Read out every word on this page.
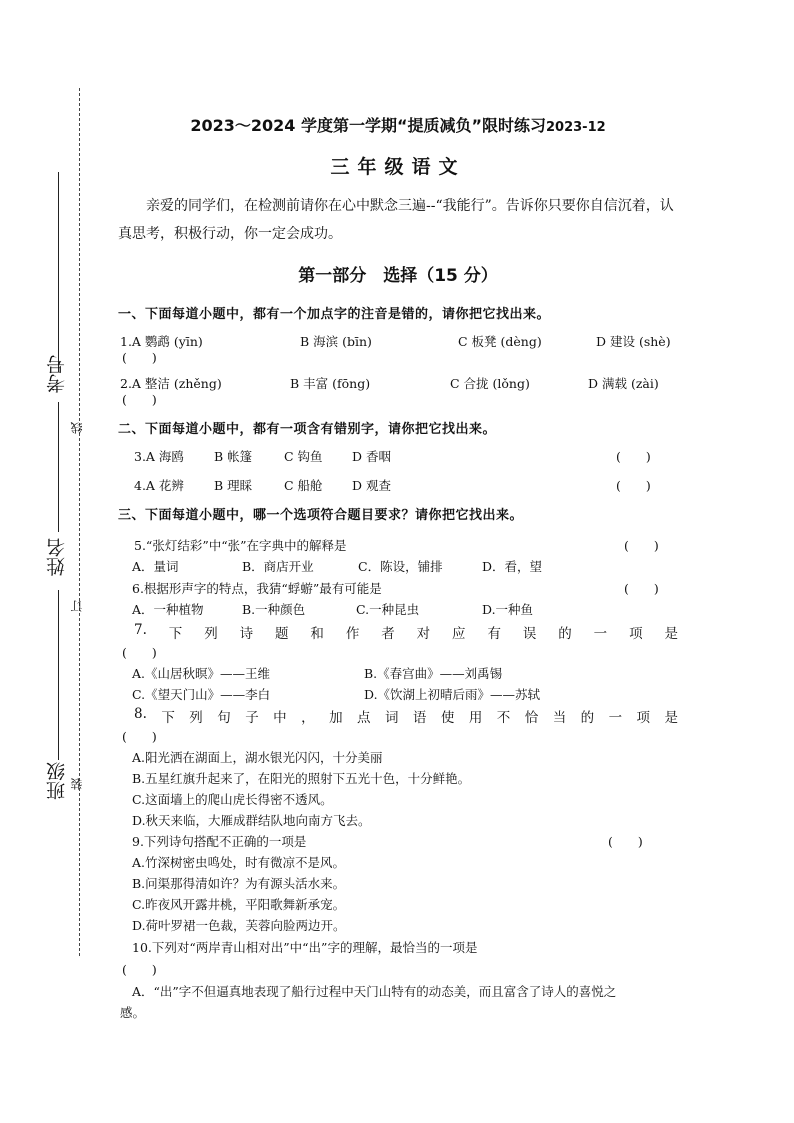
考号
姓名
班级
线
订
装
2023～2024 学度第一学期“提质减负”限时练习2023-12
三年级语文
亲爱的同学们，在检测前请你在心中默念三遍--“我能行”。告诉你只要你自信沉着，认真思考，积极行动，你一定会成功。
第一部分　选择（15 分）
一、下面每道小题中，都有一个加点字的注音是错的，请你把它找出来。
1.A 鹦鹉 (yīn)	B 海滨 (bīn)	C 板凳 (dèng)	D 建设 (shè)
(　　)
2.A 整洁 (zhěng)	B 丰富 (fōng)	C 合拢 (lǒng)	D 满载 (zài)
(　　)
二、下面每道小题中，都有一项含有错别字，请你把它找出来。
3.A 海鸥 B 帐篷	C 钩鱼 D 香咽	(　　)
4.A 花辨 B 理睬	C 船舱 D 观查	(　　)
三、下面每道小题中，哪一个选项符合题目要求？请你把它找出来。
5.“张灯结彩”中“张”在字典中的解释是	(　　)
A．量词	B．商店开业	C．陈设，铺排	D．看，望
6.根据形声字的特点，我猜“蜉蝣”最有可能是	(　　)
A．一种植物	B.一种颜色	C.一种昆虫	D.一种鱼
7. 下 列 诗 题 和 作 者 对 应 有 误 的 一 项 是
(　　)
A.《山居秋暝》——王维	B.《春宫曲》——刘禹锡
C.《望天门山》——李白	D.《饮湖上初晴后雨》——苏轼
8. 下 列 句 子 中 ， 加 点 词 语 使 用 不 恰 当 的 一 项 是
(　　)
A.阳光洒在湖面上，湖水银光闪闪，十分美丽
B.五星红旗升起来了，在阳光的照射下五光十色，十分鲜艳。
C.这面墙上的爬山虎长得密不透风。
D.秋天来临，大雁成群结队地向南方飞去。
9.下列诗句搭配不正确的一项是	(　　)
A.竹深树密虫鸣处，时有微凉不是风。
B.问渠那得清如许？为有源头活水来。
C.昨夜风开露井桃，平阳歌舞新承宠。
D.荷叶罗裙一色裁，芙蓉向脸两边开。
10.下列对“两岸青山相对出”中“出”字的理解，最恰当的一项是
(　　)
A．“出”字不但逼真地表现了船行过程中天门山特有的动态美，而且富含了诗人的喜悦之
感。
